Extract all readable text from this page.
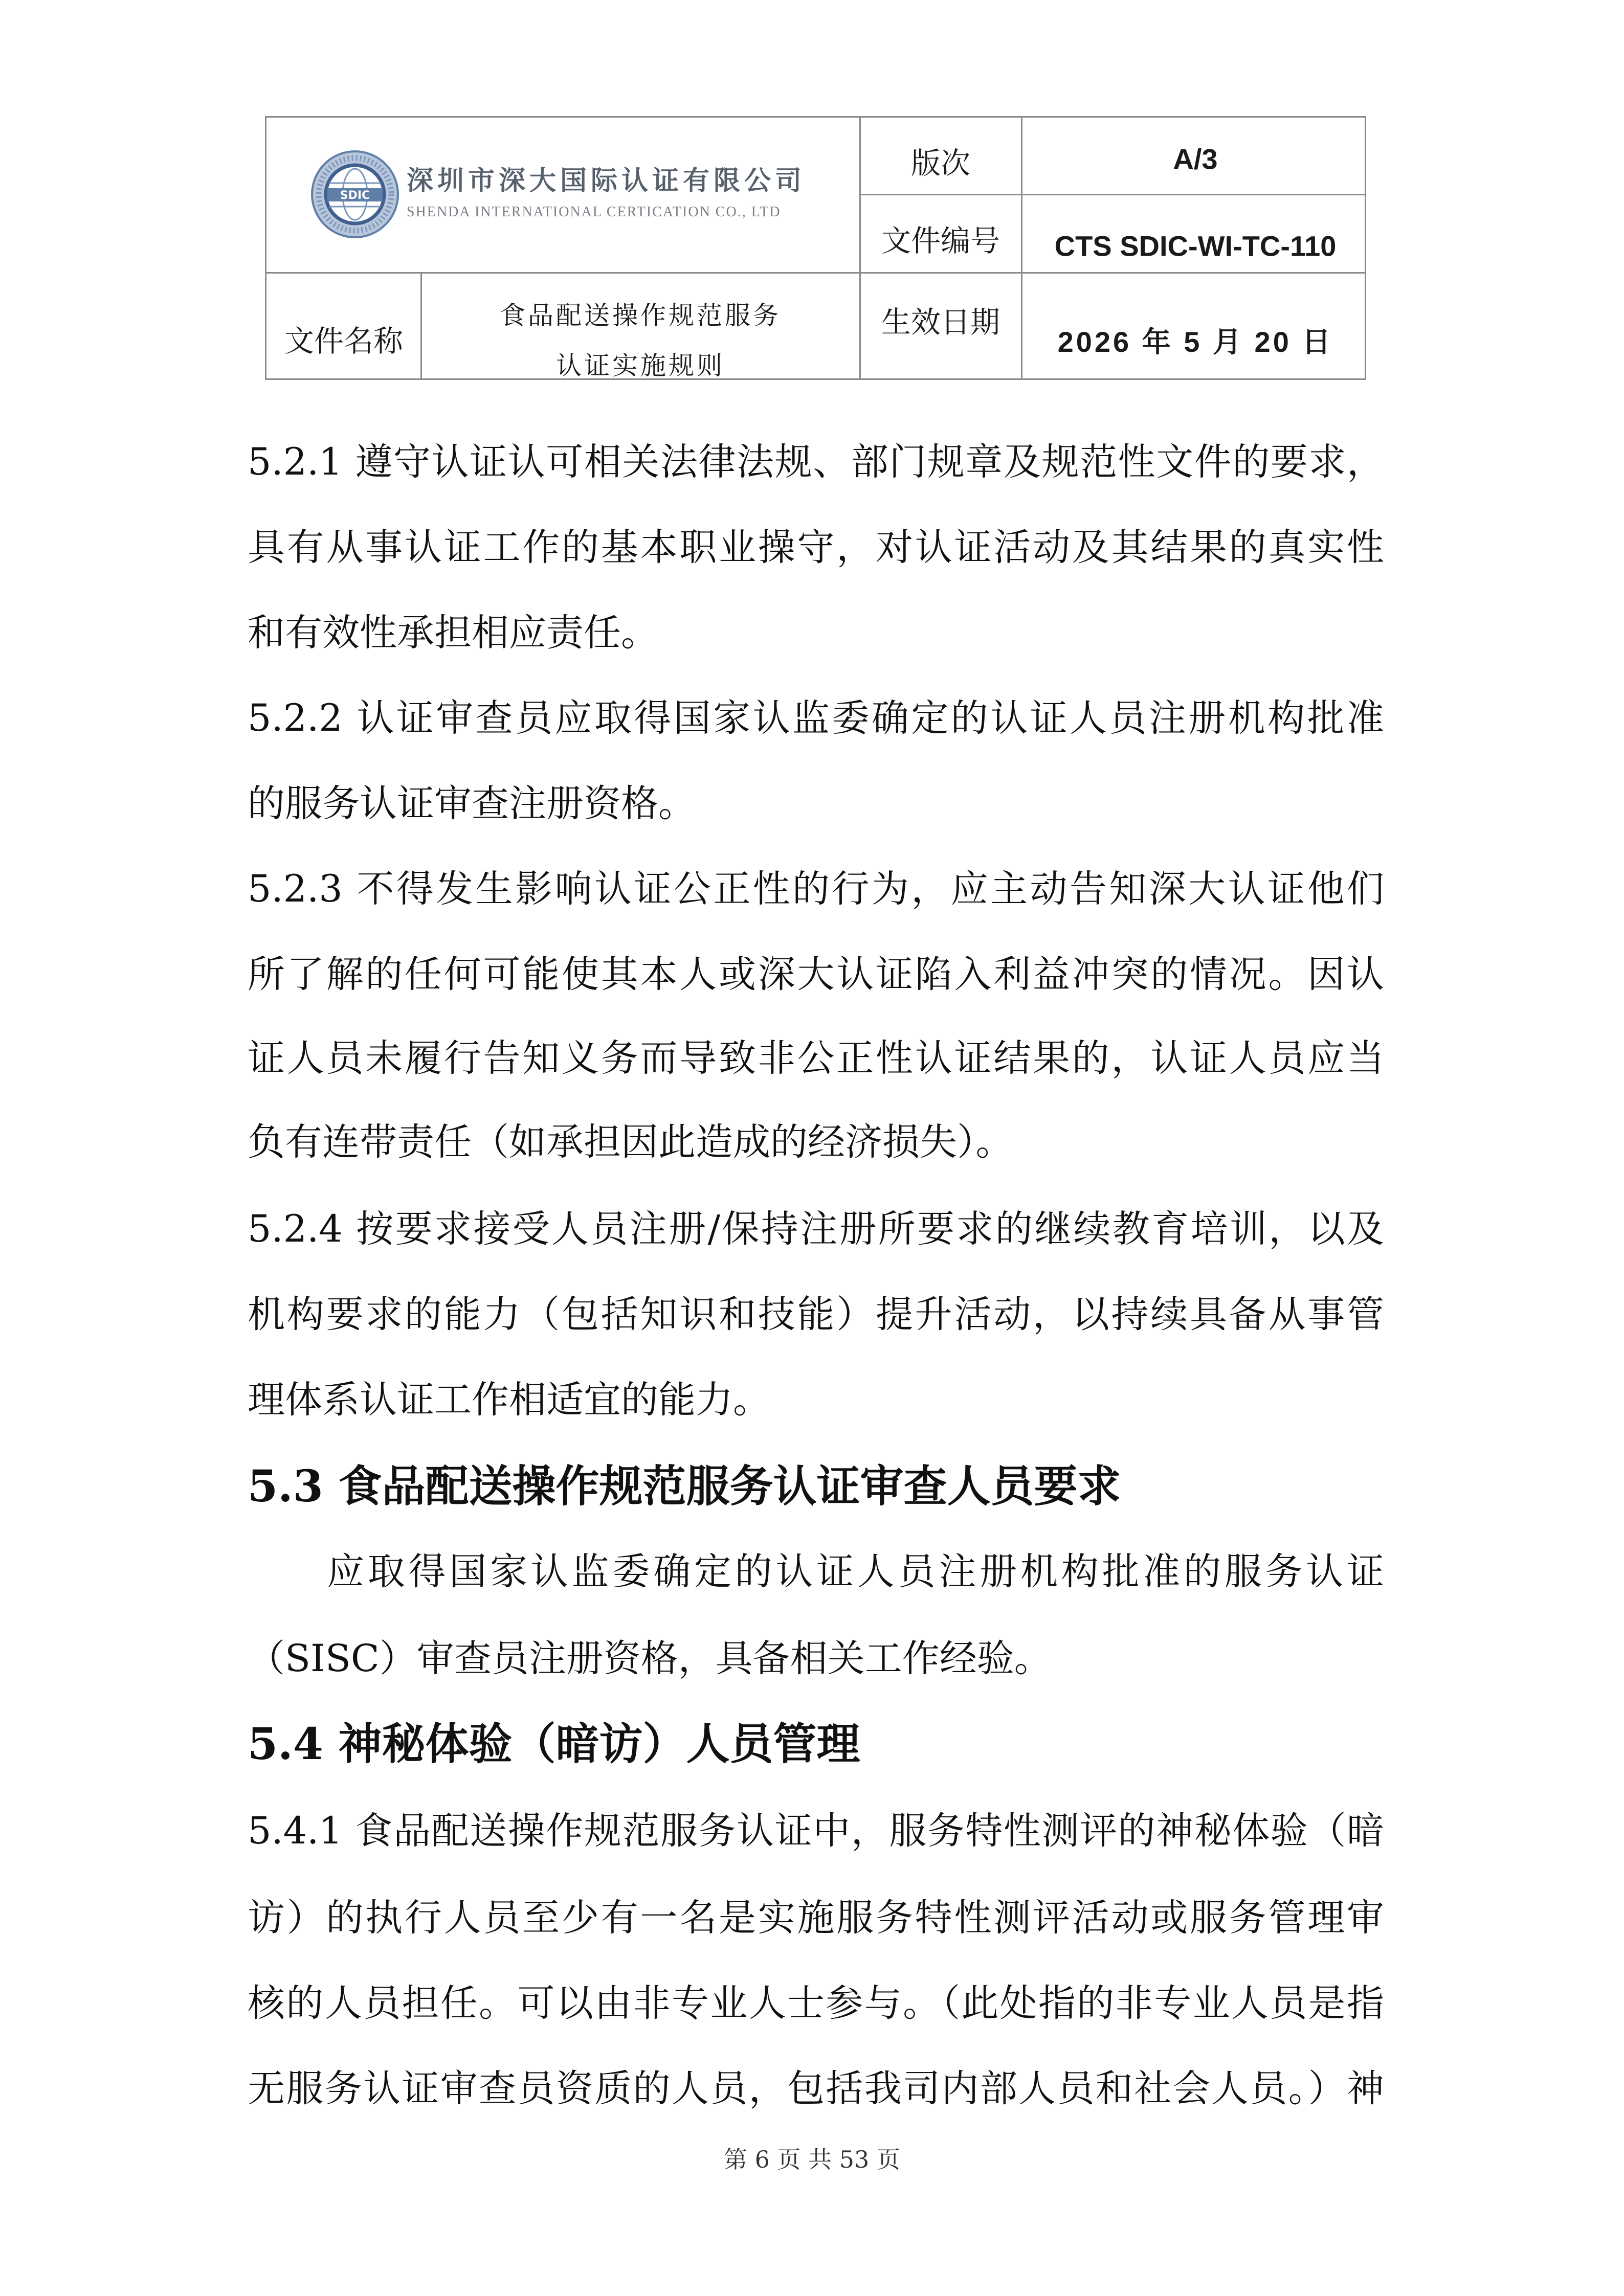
SDIC 深圳市深大国际认证有限公司
SHENDA INTERNATIONAL CERTICATION CO., LTD
版次	A/3
文件编号 CTS SDIC-WI-TC-110
文件名称
食品配送操作规范服务
认证实施规则
生效日期
2026 年 5 月 20 日
5.2.1 遵守认证认可相关法律法规、部门规章及规范性文件的要求，
具有从事认证工作的基本职业操守，对认证活动及其结果的真实性
和有效性承担相应责任。
5.2.2 认证审查员应取得国家认监委确定的认证人员注册机构批准
的服务认证审查注册资格。
5.2.3 不得发生影响认证公正性的行为，应主动告知深大认证他们
所了解的任何可能使其本人或深大认证陷入利益冲突的情况。因认
证人员未履行告知义务而导致非公正性认证结果的，认证人员应当
负有连带责任（如承担因此造成的经济损失）。
5.2.4 按要求接受人员注册/保持注册所要求的继续教育培训，以及
机构要求的能力（包括知识和技能）提升活动，以持续具备从事管
理体系认证工作相适宜的能力。
5.3 食品配送操作规范服务认证审查人员要求
应取得国家认监委确定的认证人员注册机构批准的服务认证
（SISC）审查员注册资格，具备相关工作经验。
5.4 神秘体验（暗访）人员管理
5.4.1 食品配送操作规范服务认证中，服务特性测评的神秘体验（暗
访）的执行人员至少有一名是实施服务特性测评活动或服务管理审
核的人员担任。可以由非专业人士参与。（此处指的非专业人员是指
无服务认证审查员资质的人员，包括我司内部人员和社会人员。）神
第 6 页 共 53 页
